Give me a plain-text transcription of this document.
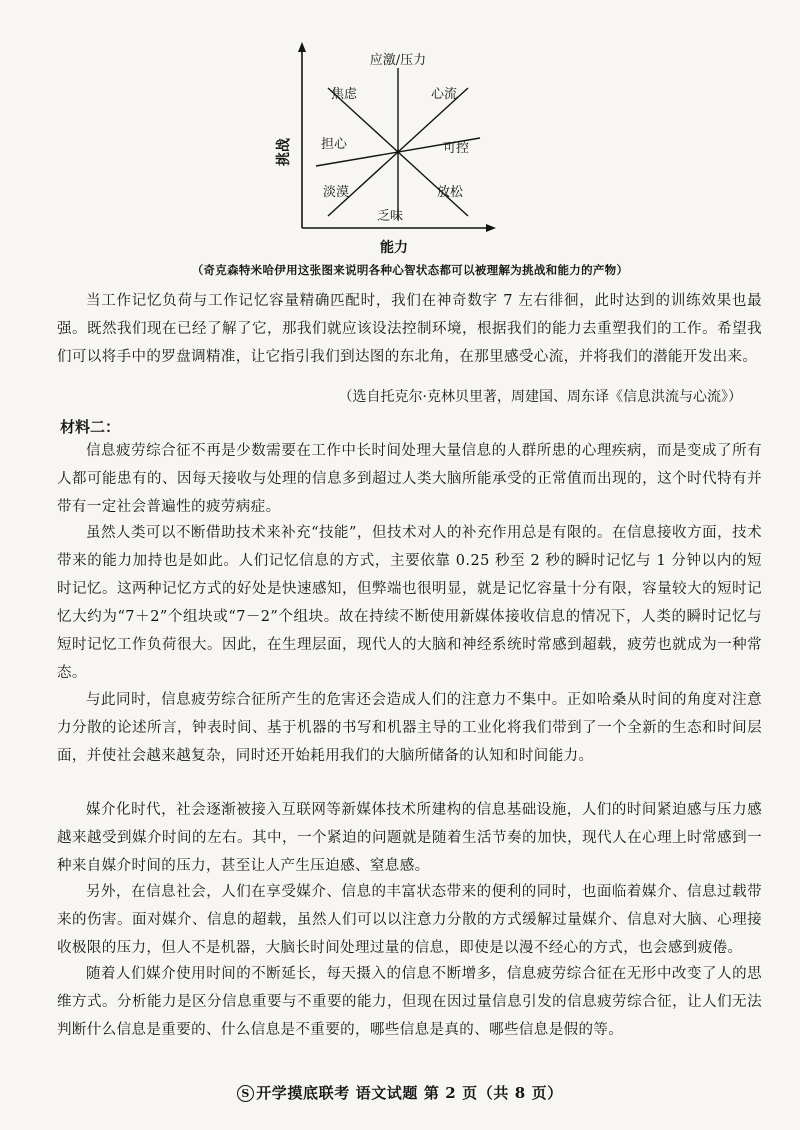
挑战
能力
应激/压力
焦虑	心流
担心	可控
淡漠	放松
乏味
（奇克森特米哈伊用这张图来说明各种心智状态都可以被理解为挑战和能力的产物）

当工作记忆负荷与工作记忆容量精确匹配时，我们在神奇数字 7 左右徘徊，此时达到的训练效果也最强。既然我们现在已经了解了它，那我们就应该设法控制环境，根据我们的能力去重塑我们的工作。希望我们可以将手中的罗盘调精准，让它指引我们到达图的东北角，在那里感受心流，并将我们的潜能开发出来。

（选自托克尔·克林贝里著，周建国、周东译《信息洪流与心流》）

材料二：

信息疲劳综合征不再是少数需要在工作中长时间处理大量信息的人群所患的心理疾病，而是变成了所有人都可能患有的、因每天接收与处理的信息多到超过人类大脑所能承受的正常值而出现的，这个时代特有并带有一定社会普遍性的疲劳病症。

虽然人类可以不断借助技术来补充“技能”，但技术对人的补充作用总是有限的。在信息接收方面，技术带来的能力加持也是如此。人们记忆信息的方式，主要依靠 0.25 秒至 2 秒的瞬时记忆与 1 分钟以内的短时记忆。这两种记忆方式的好处是快速感知，但弊端也很明显，就是记忆容量十分有限，容量较大的短时记忆大约为“7＋2”个组块或“7－2”个组块。故在持续不断使用新媒体接收信息的情况下，人类的瞬时记忆与短时记忆工作负荷很大。因此，在生理层面，现代人的大脑和神经系统时常感到超载，疲劳也就成为一种常态。

与此同时，信息疲劳综合征所产生的危害还会造成人们的注意力不集中。正如哈桑从时间的角度对注意力分散的论述所言，钟表时间、基于机器的书写和机器主导的工业化将我们带到了一个全新的生态和时间层面，并使社会越来越复杂，同时还开始耗用我们的大脑所储备的认知和时间能力。

媒介化时代，社会逐渐被接入互联网等新媒体技术所建构的信息基础设施，人们的时间紧迫感与压力感越来越受到媒介时间的左右。其中，一个紧迫的问题就是随着生活节奏的加快，现代人在心理上时常感到一种来自媒介时间的压力，甚至让人产生压迫感、窒息感。

另外，在信息社会，人们在享受媒介、信息的丰富状态带来的便利的同时，也面临着媒介、信息过载带来的伤害。面对媒介、信息的超载，虽然人们可以以注意力分散的方式缓解过量媒介、信息对大脑、心理接收极限的压力，但人不是机器，大脑长时间处理过量的信息，即使是以漫不经心的方式，也会感到疲倦。

随着人们媒介使用时间的不断延长，每天摄入的信息不断增多，信息疲劳综合征在无形中改变了人的思维方式。分析能力是区分信息重要与不重要的能力，但现在因过量信息引发的信息疲劳综合征，让人们无法判断什么信息是重要的、什么信息是不重要的，哪些信息是真的、哪些信息是假的等。

S 开学摸底联考 语文试题 第 2 页（共 8 页）
